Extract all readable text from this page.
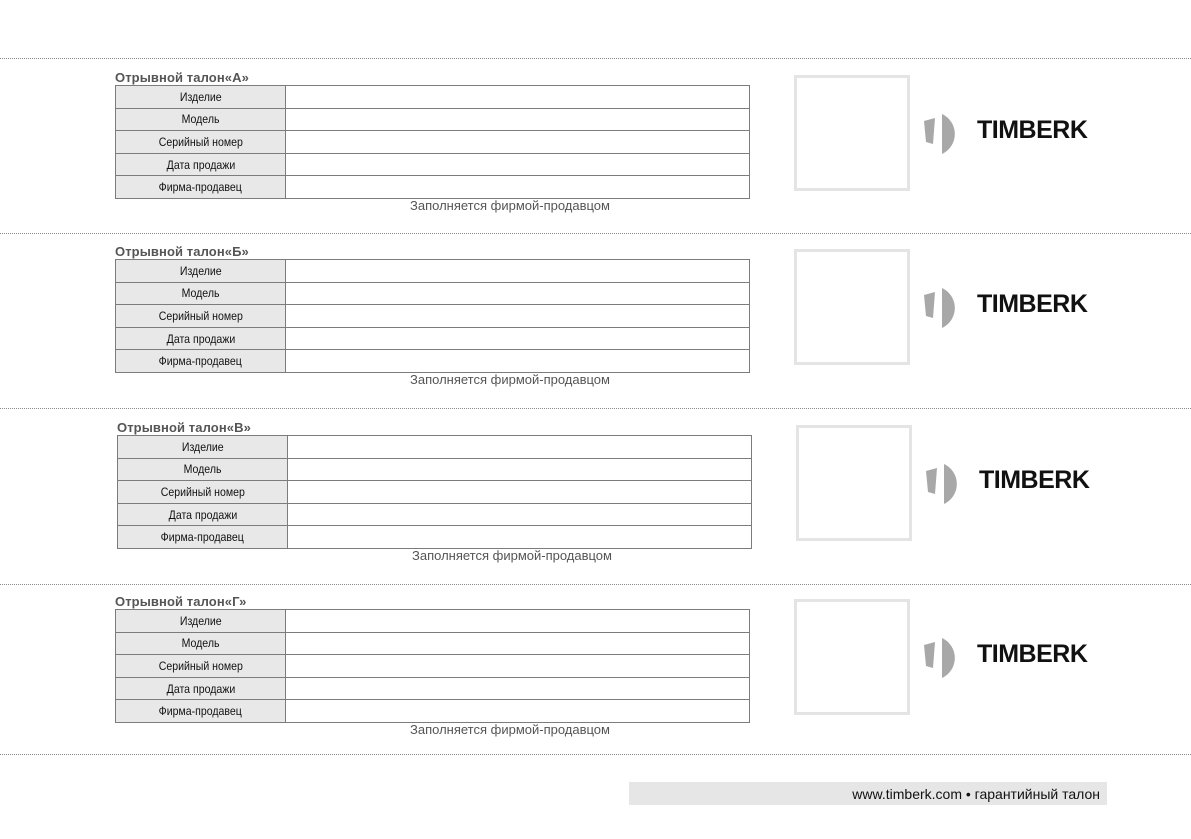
Отрывной талон«А»
Изделие	
Модель	
Серийный номер	
Дата продажи	
Фирма-продавец	
Заполняется фирмой-продавцом
TIMBERK
Отрывной талон«Б»
Изделие	
Модель	
Серийный номер	
Дата продажи	
Фирма-продавец	
Заполняется фирмой-продавцом
TIMBERK
Отрывной талон«В»
Изделие	
Модель	
Серийный номер	
Дата продажи	
Фирма-продавец	
Заполняется фирмой-продавцом
TIMBERK
Отрывной талон«Г»
Изделие	
Модель	
Серийный номер	
Дата продажи	
Фирма-продавец	
Заполняется фирмой-продавцом
TIMBERK
www.timberk.com • гарантийный талон
